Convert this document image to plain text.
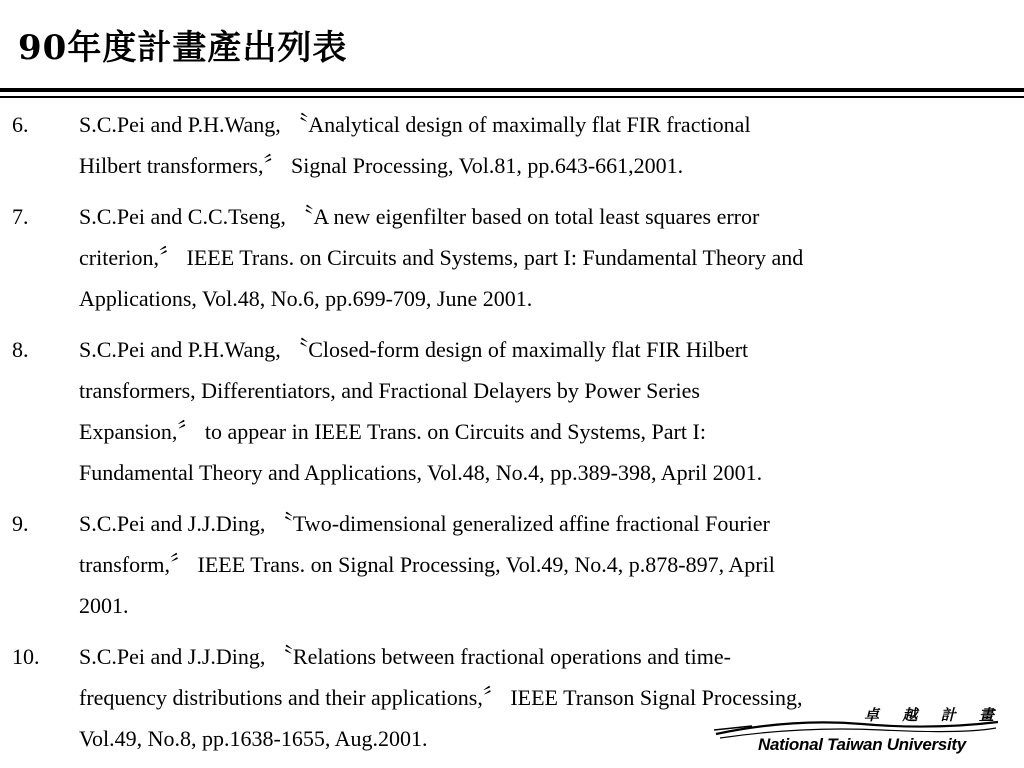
90年度計畫產出列表
6. S.C.Pei and P.H.Wang, 〝Analytical design of maximally flat FIR fractional
Hilbert transformers,〞 Signal Processing, Vol.81, pp.643-661,2001.
7. S.C.Pei and C.C.Tseng, 〝A new eigenfilter based on total least squares error
criterion,〞 IEEE Trans. on Circuits and Systems, part I: Fundamental Theory and
Applications, Vol.48, No.6, pp.699-709, June 2001.
8. S.C.Pei and P.H.Wang, 〝Closed-form design of maximally flat FIR Hilbert
transformers, Differentiators, and Fractional Delayers by Power Series
Expansion,〞 to appear in IEEE Trans. on Circuits and Systems, Part I:
Fundamental Theory and Applications, Vol.48, No.4, pp.389-398, April 2001.
9. S.C.Pei and J.J.Ding, 〝Two-dimensional generalized affine fractional Fourier
transform,〞 IEEE Trans. on Signal Processing, Vol.49, No.4, p.878-897, April
2001.
10. S.C.Pei and J.J.Ding, 〝Relations between fractional operations and time-
frequency distributions and their applications,〞 IEEE Transon Signal Processing,
Vol.49, No.8, pp.1638-1655, Aug.2001.
卓 越 計 畫
National Taiwan University
